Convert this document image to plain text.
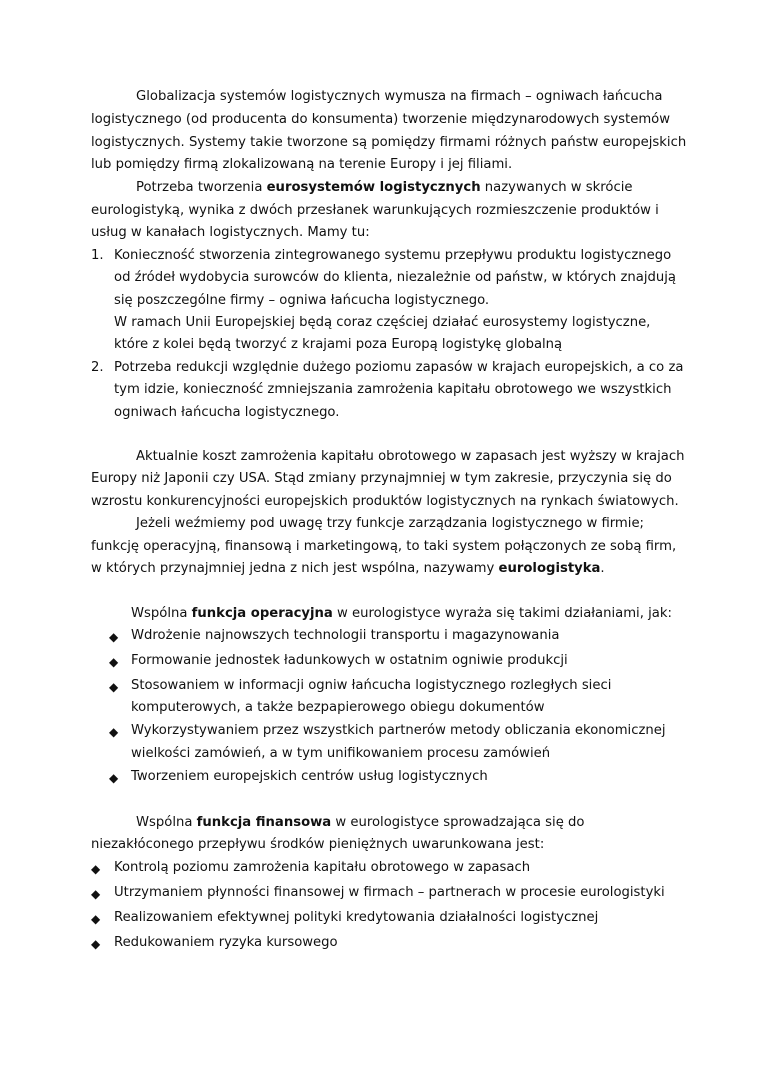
Globalizacja systemów logistycznych wymusza na firmach – ogniwach łańcucha
logistycznego (od producenta do konsumenta) tworzenie międzynarodowych systemów
logistycznych. Systemy takie tworzone są pomiędzy firmami różnych państw europejskich
lub pomiędzy firmą zlokalizowaną na terenie Europy i jej filiami.
Potrzeba tworzenia eurosystemów logistycznych nazywanych w skrócie
eurologistyką, wynika z dwóch przesłanek warunkujących rozmieszczenie produktów i
usług w kanałach logistycznych. Mamy tu:
1. Konieczność stworzenia zintegrowanego systemu przepływu produktu logistycznego
od źródeł wydobycia surowców do klienta, niezależnie od państw, w których znajdują
się poszczególne firmy – ogniwa łańcucha logistycznego.
W ramach Unii Europejskiej będą coraz częściej działać eurosystemy logistyczne,
które z kolei będą tworzyć z krajami poza Europą logistykę globalną
2. Potrzeba redukcji względnie dużego poziomu zapasów w krajach europejskich, a co za
tym idzie, konieczność zmniejszania zamrożenia kapitału obrotowego we wszystkich
ogniwach łańcucha logistycznego.
Aktualnie koszt zamrożenia kapitału obrotowego w zapasach jest wyższy w krajach
Europy niż Japonii czy USA. Stąd zmiany przynajmniej w tym zakresie, przyczynia się do
wzrostu konkurencyjności europejskich produktów logistycznych na rynkach światowych.
Jeżeli weźmiemy pod uwagę trzy funkcje zarządzania logistycznego w firmie;
funkcję operacyjną, finansową i marketingową, to taki system połączonych ze sobą firm,
w których przynajmniej jedna z nich jest wspólna, nazywamy eurologistyka.
Wspólna funkcja operacyjna w eurologistyce wyraża się takimi działaniami, jak:
◆ Wdrożenie najnowszych technologii transportu i magazynowania
◆ Formowanie jednostek ładunkowych w ostatnim ogniwie produkcji
◆ Stosowaniem w informacji ogniw łańcucha logistycznego rozległych sieci
komputerowych, a także bezpapierowego obiegu dokumentów
◆ Wykorzystywaniem przez wszystkich partnerów metody obliczania ekonomicznej
wielkości zamówień, a w tym unifikowaniem procesu zamówień
◆ Tworzeniem europejskich centrów usług logistycznych
Wspólna funkcja finansowa w eurologistyce sprowadzająca się do
niezakłóconego przepływu środków pieniężnych uwarunkowana jest:
◆ Kontrolą poziomu zamrożenia kapitału obrotowego w zapasach
◆ Utrzymaniem płynności finansowej w firmach – partnerach w procesie eurologistyki
◆ Realizowaniem efektywnej polityki kredytowania działalności logistycznej
◆ Redukowaniem ryzyka kursowego
